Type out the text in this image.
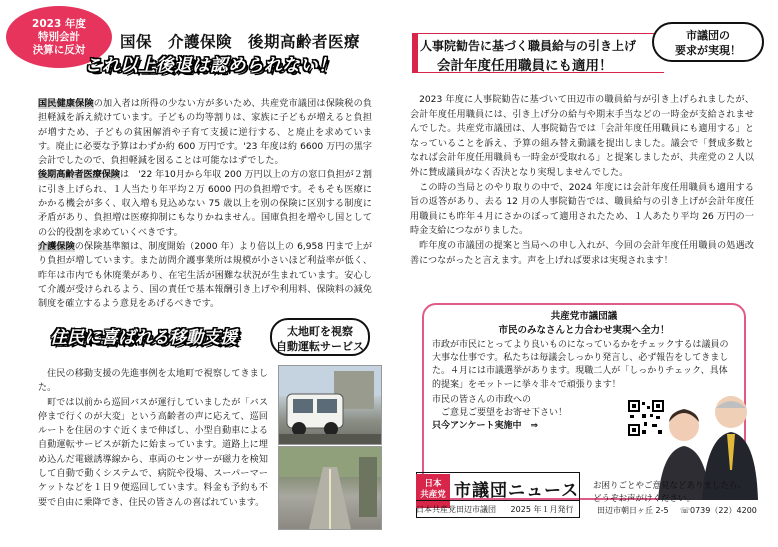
2023 年度
特別会計
決算に反対	国保　介護保険　後期高齢者医療
これ以上後退は認められない！

国民健康保険の加入者は所得の少ない方が多いため、共産党市議団は保険税の負担軽減を訴え続けています。子どもの均等割りは、家族に子どもが増えると負担が増すため、子どもの貧困解消や子育て支援に逆行する、と廃止を求めています。廃止に必要な予算はわずか約 600 万円です。'23 年度は約 6600 万円の黒字会計でしたので、負担軽減を図ることは可能なはずでした。

後期高齢者医療保険は　'22 年10月から年収 200 万円以上の方の窓口負担が２割に引き上げられ、１人当たり年平均２万 6000 円の負担増です。そもそも医療にかかる機会が多く、収入増も見込めない 75 歳以上を別の保険に区別する制度に矛盾があり、負担増は医療抑制にもなりかねません。国庫負担を増やし国としての公的役割を求めていくべきです。

介護保険の保険基準額は、制度開始（2000 年）より倍以上の 6,958 円まで上がり負担が増しています。また訪問介護事業所は規模が小さいほど利益率が低く、昨年は市内でも休廃業があり、在宅生活が困難な状況が生まれています。安心して介護が受けられるよう、国の責任で基本報酬引き上げや利用料、保険料の減免制度を確立するよう意見をあげるべきです。

住民に喜ばれる移動支援	太地町を視察
自動運転サービス

住民の移動支援の先進事例を太地町で視察してきました。

町では以前から巡回バスが運行していましたが「バス停まで行くのが大変」という高齢者の声に応えて、巡回ルートを住居のすぐ近くまで伸ばし、小型自動車による自動運転サービスが新たに始まっています。道路上に埋め込んだ電磁誘導線から、車両のセンサーが磁力を検知して自動で動くシステムで、病院や役場、スーパーマーケットなどを１日９便巡回しています。料金も予約も不要で自由に乗降でき、住民の皆さんの喜ばれています。

人事院勧告に基づく職員給与の引き上げ
会計年度任用職員にも適用！
市議団の
要求が実現！

2023 年度に人事院勧告に基づいて田辺市の職員給与が引き上げられましたが、会計年度任用職員には、引き上げ分の給与や期末手当などの一時金が支給されませんでした。共産党市議団は、人事院勧告では「会計年度任用職員にも適用する」となっていることを訴え、予算の組み替え動議を提出しました。議会で「賛成多数となれば会計年度任用職員も一時金が受取れる」と提案しましたが、共産党の２人以外に賛成議員がなく否決となり実現しませんでした。

この時の当局とのやり取りの中で、2024 年度には会計年度任用職員も適用する旨の返答があり、去る 12 月の人事院勧告では、職員給与の引き上げが会計年度任用職員にも昨年４月にさかのぼって適用されたため、１人あたり平均 26 万円の一時金支給につながりました。

昨年度の市議団の提案と当局への申し入れが、今回の会計年度任用職員の処遇改善につながったと言えます。声を上げれば要求は実現されます！

共産党市議団議
市民のみなさんと力合わせ実現へ全力！

市政が市民にとってより良いものになっているかをチェックするは議員の大事な仕事です。私たちは毎議会しっかり発言し、必ず報告をしてきました。４月には市議選挙があります。現職二人が「しっかりチェック、具体的提案」をモットーに挙々非々で頑張ります！

市民の皆さんの市政への

ご意見ご要望をお寄せ下さい！

只今アンケート実施中　⇒

日本
共産党 市議団ニュース
日本共産党田辺市議団 2025 年１月発行
お困りごとやご意見などありましたら、
どうぞお声がけください。
田辺市朝日ヶ丘 2-5 ☏0739（22）4200
